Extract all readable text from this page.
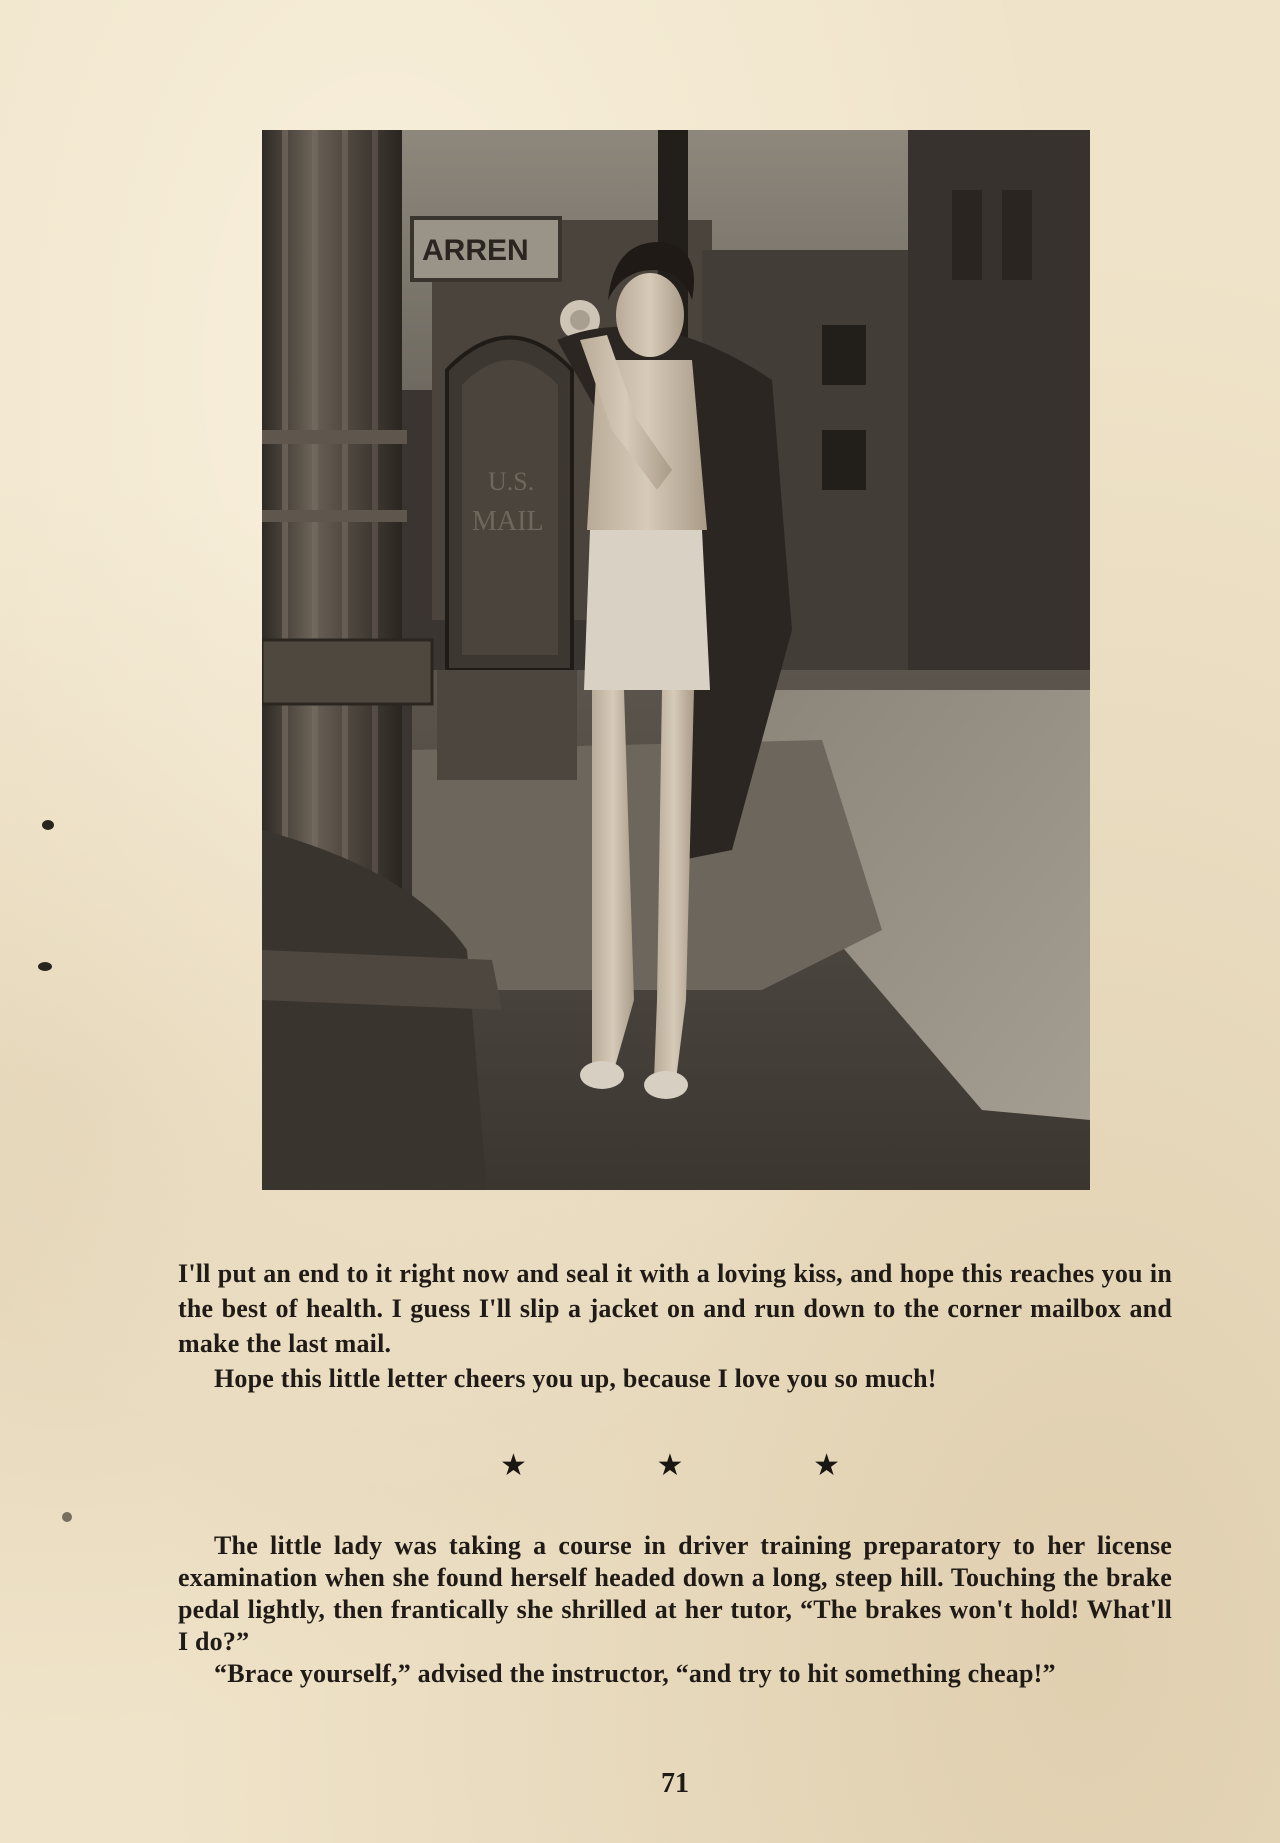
ARREN
U.S.
MAIL

I'll put an end to it right now and seal it with a loving kiss, and hope this reaches you in the best of health. I guess I'll slip a jacket on and run down to the corner mailbox and make the last mail.

Hope this little letter cheers you up, because I love you so much!

★	★	★

The little lady was taking a course in driver training preparatory to her license examination when she found herself headed down a long, steep hill. Touching the brake pedal lightly, then frantically she shrilled at her tutor, “The brakes won't hold! What'll I do?”

“Brace yourself,” advised the instructor, “and try to hit something cheap!”

71
